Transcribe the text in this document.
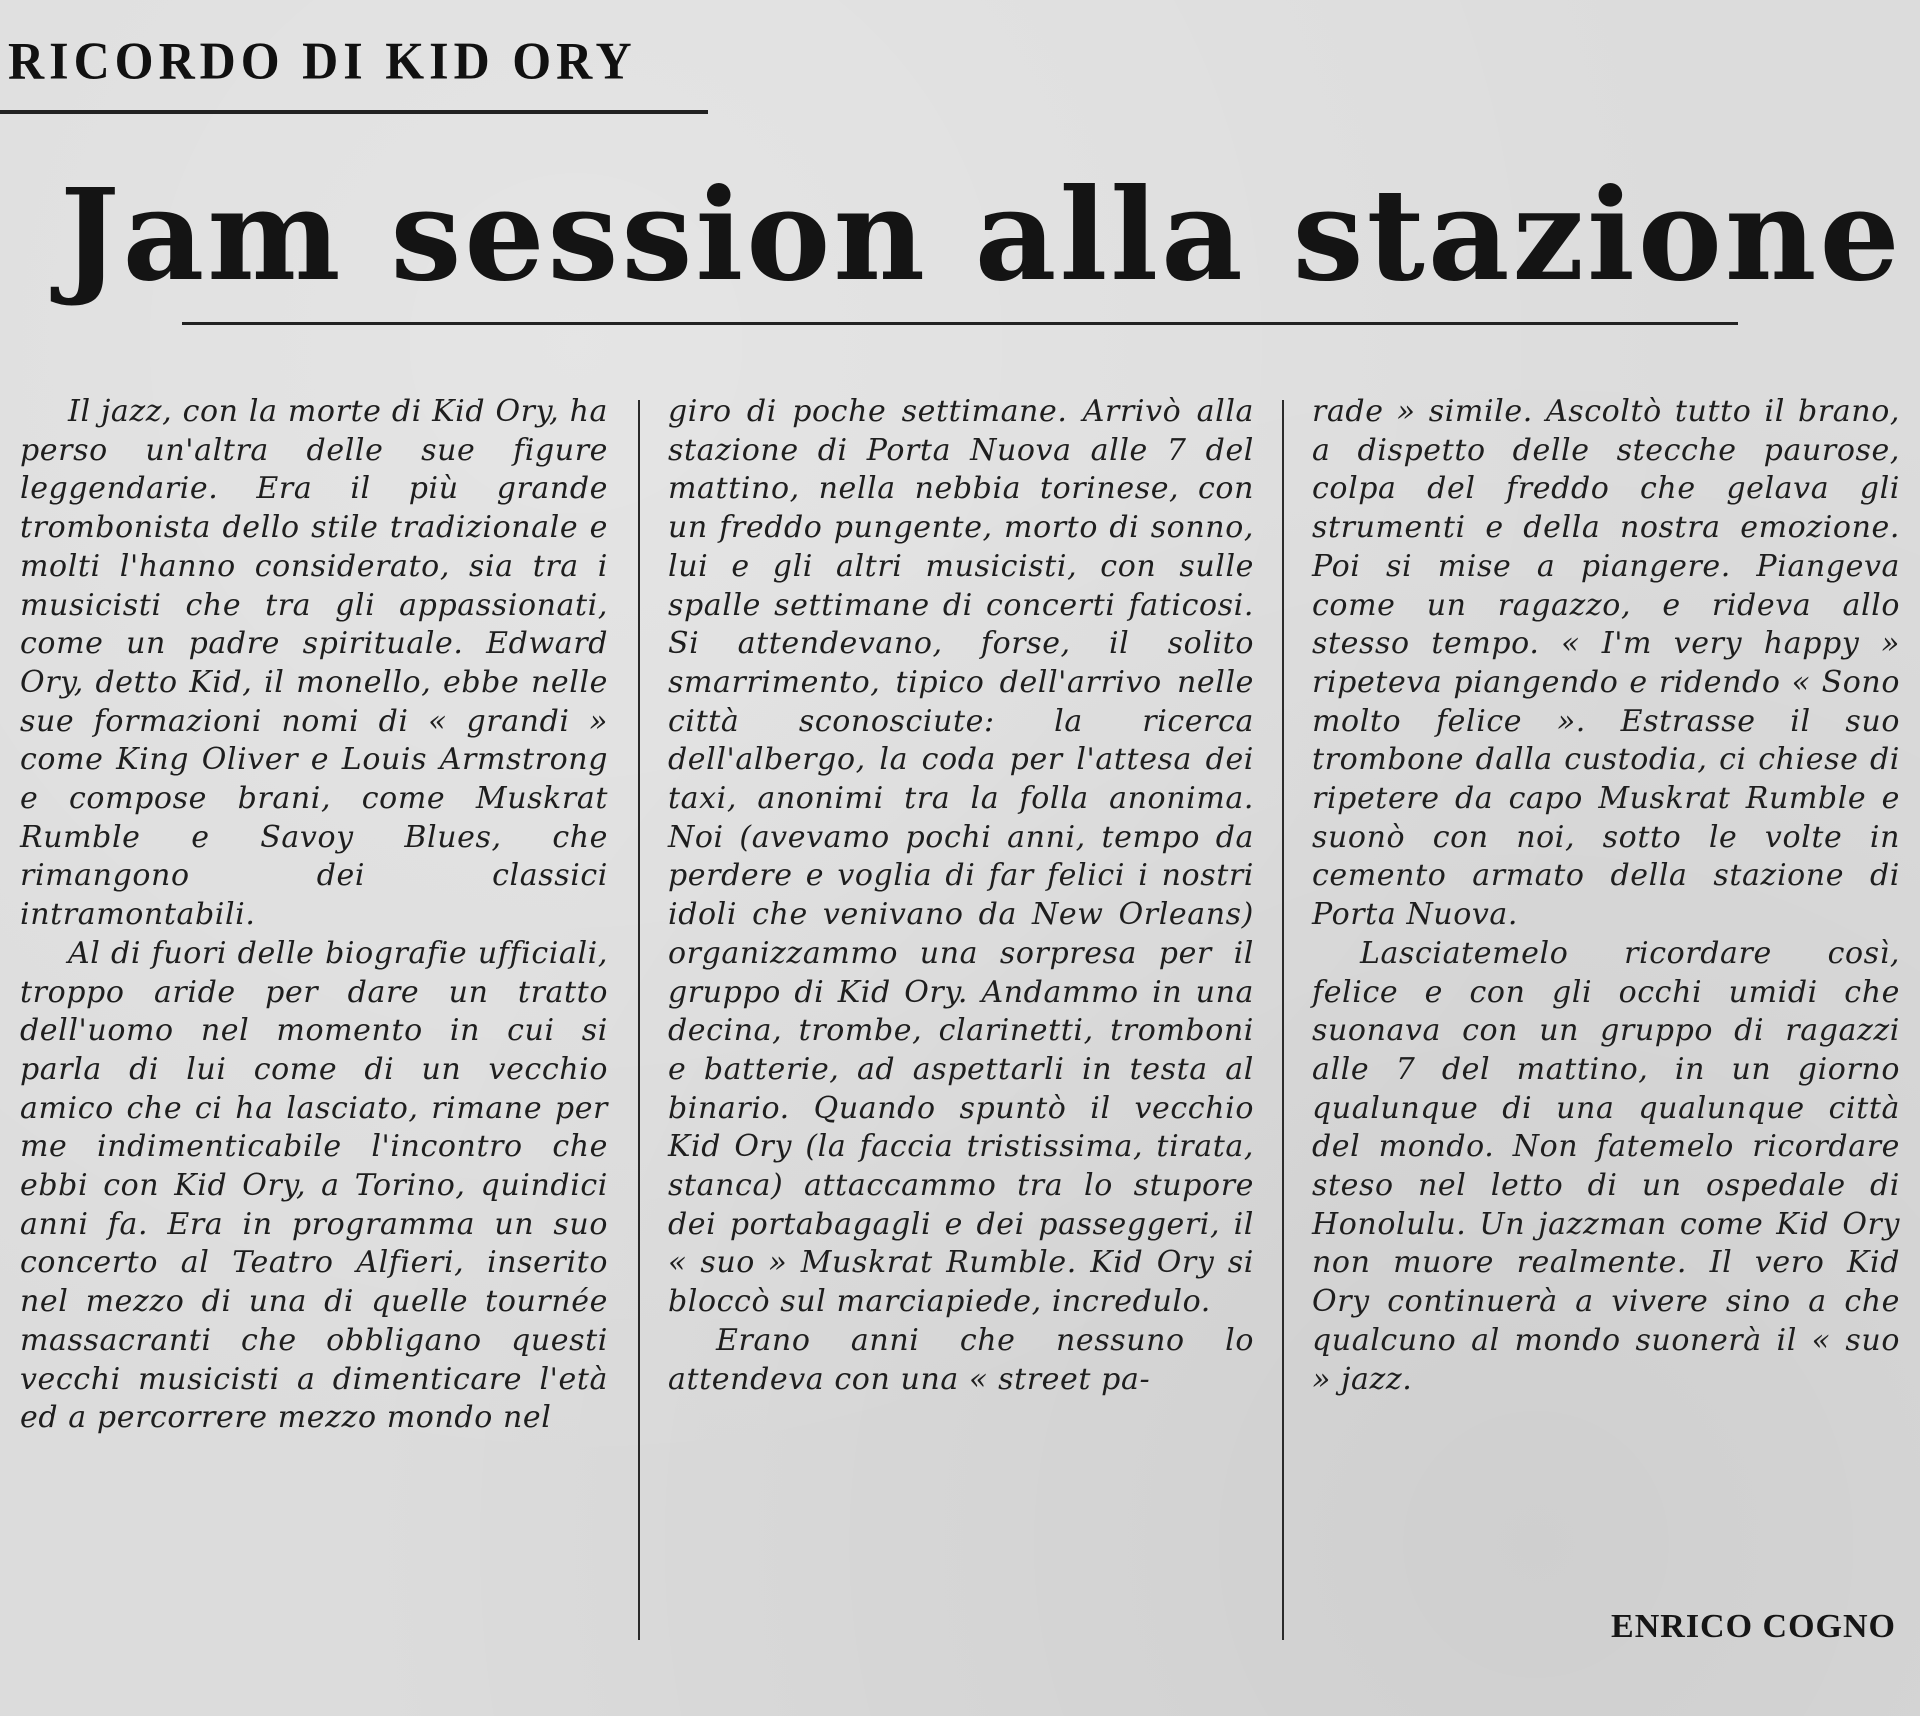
RICORDO DI KID ORY
Jam session alla stazione

Il jazz, con la morte di Kid Ory, ha perso un'altra delle sue figure leggendarie. Era il più grande trombonista dello stile tradizionale e molti l'hanno considerato, sia tra i musicisti che tra gli appassionati, come un padre spirituale. Edward Ory, detto Kid, il monello, ebbe nelle sue formazioni nomi di « grandi » come King Oliver e Louis Armstrong e compose brani, come Muskrat Rumble e Savoy Blues, che rimangono dei classici intramontabili.

Al di fuori delle biografie ufficiali, troppo aride per dare un tratto dell'uomo nel momento in cui si parla di lui come di un vecchio amico che ci ha lasciato, rimane per me indimenticabile l'incontro che ebbi con Kid Ory, a Torino, quindici anni fa. Era in programma un suo concerto al Teatro Alfieri, inserito nel mezzo di una di quelle tournée massacranti che obbligano questi vecchi musicisti a dimenticare l'età ed a percorrere mezzo mondo nel

giro di poche settimane. Arrivò alla stazione di Porta Nuova alle 7 del mattino, nella nebbia torinese, con un freddo pungente, morto di sonno, lui e gli altri musicisti, con sulle spalle settimane di concerti faticosi. Si attendevano, forse, il solito smarrimento, tipico dell'arrivo nelle città sconosciute: la ricerca dell'albergo, la coda per l'attesa dei taxi, anonimi tra la folla anonima. Noi (avevamo pochi anni, tempo da perdere e voglia di far felici i nostri idoli che venivano da New Orleans) organizzammo una sorpresa per il gruppo di Kid Ory. Andammo in una decina, trombe, clarinetti, tromboni e batterie, ad aspettarli in testa al binario. Quando spuntò il vecchio Kid Ory (la faccia tristissima, tirata, stanca) attaccammo tra lo stupore dei portabagagli e dei passeggeri, il « suo » Muskrat Rumble. Kid Ory si bloccò sul marciapiede, incredulo.

Erano anni che nessuno lo attendeva con una « street pa-

rade » simile. Ascoltò tutto il brano, a dispetto delle stecche paurose, colpa del freddo che gelava gli strumenti e della nostra emozione. Poi si mise a piangere. Piangeva come un ragazzo, e rideva allo stesso tempo. « I'm very happy » ripeteva piangendo e ridendo « Sono molto felice ». Estrasse il suo trombone dalla custodia, ci chiese di ripetere da capo Muskrat Rumble e suonò con noi, sotto le volte in cemento armato della stazione di Porta Nuova.

Lasciatemelo ricordare così, felice e con gli occhi umidi che suonava con un gruppo di ragazzi alle 7 del mattino, in un giorno qualunque di una qualunque città del mondo. Non fatemelo ricordare steso nel letto di un ospedale di Honolulu. Un jazzman come Kid Ory non muore realmente. Il vero Kid Ory continuerà a vivere sino a che qualcuno al mondo suonerà il « suo » jazz.

ENRICO COGNO
